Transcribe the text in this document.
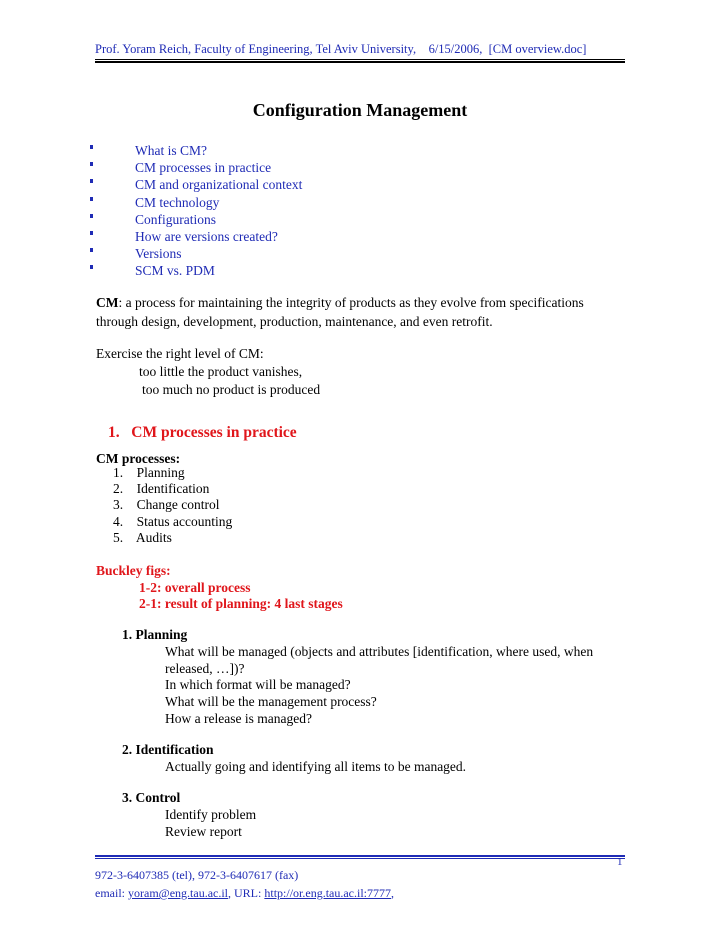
Prof. Yoram Reich, Faculty of Engineering, Tel Aviv University,    6/15/2006,  [CM overview.doc]
Configuration Management
What is CM?
CM processes in practice
CM and organizational context
CM technology
Configurations
How are versions created?
Versions
SCM vs. PDM
CM: a process for maintaining the integrity of products as they evolve from specifications
through design, development, production, maintenance, and even retrofit.
Exercise the right level of CM:
too little the product vanishes,
too much no product is produced
1.   CM processes in practice
CM processes:
1.    Planning
2.    Identification
3.    Change control
4.    Status accounting
5.    Audits
Buckley figs:
1-2: overall process
2-1: result of planning: 4 last stages
1. Planning
What will be managed (objects and attributes [identification, where used, when
released, …])?
In which format will be managed?
What will be the management process?
How a release is managed?
2. Identification
Actually going and identifying all items to be managed.
3. Control
Identify problem
Review report
1
972-3-6407385 (tel), 972-3-6407617 (fax)
email: yoram@eng.tau.ac.il, URL: http://or.eng.tau.ac.il:7777,
